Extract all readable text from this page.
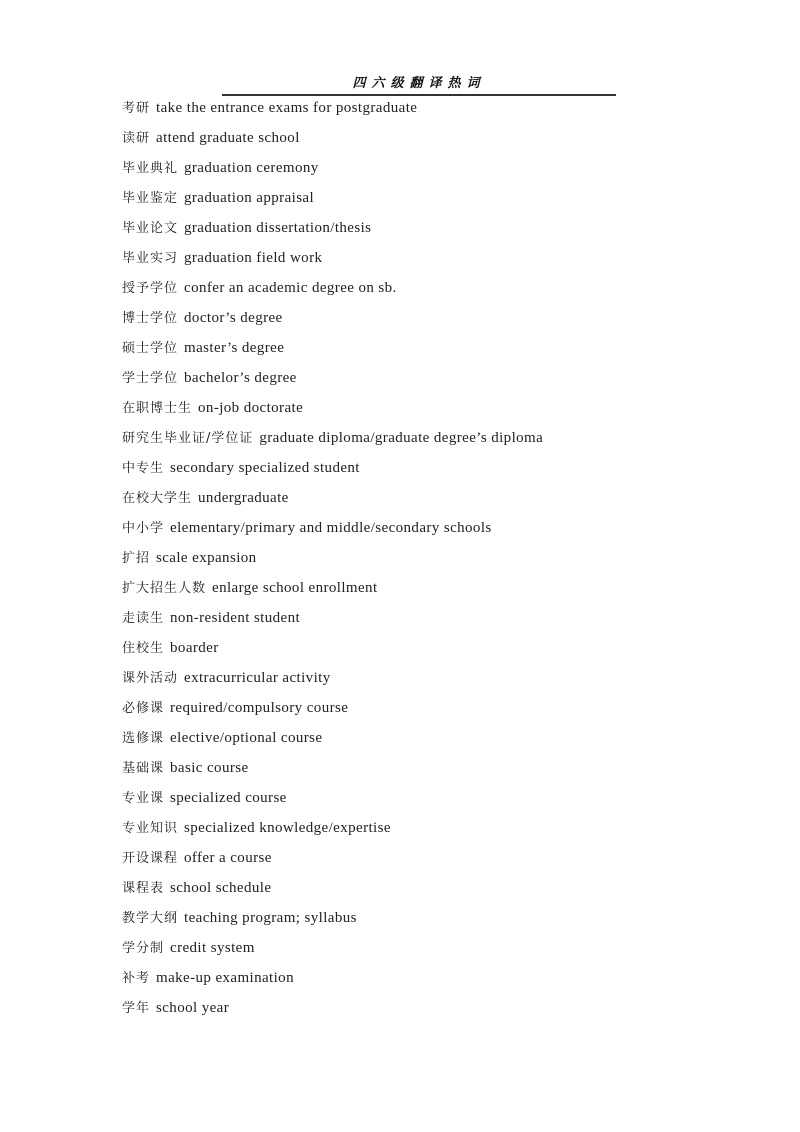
四六级翻译热词
考研 take the entrance exams for postgraduate
读研 attend graduate school
毕业典礼 graduation ceremony
毕业鉴定 graduation appraisal
毕业论文 graduation dissertation/thesis
毕业实习 graduation field work
授予学位 confer an academic degree on sb.
博士学位 doctor’s degree
硕士学位 master’s degree
学士学位 bachelor’s degree
在职博士生 on-job doctorate
研究生毕业证/学位证 graduate diploma/graduate degree’s diploma
中专生 secondary specialized student
在校大学生 undergraduate
中小学 elementary/primary and middle/secondary schools
扩招 scale expansion
扩大招生人数 enlarge school enrollment
走读生 non-resident student
住校生 boarder
课外活动 extracurricular activity
必修课 required/compulsory course
选修课 elective/optional course
基础课 basic course
专业课 specialized course
专业知识 specialized knowledge/expertise
开设课程 offer a course
课程表 school schedule
教学大纲 teaching program; syllabus
学分制 credit system
补考 make-up examination
学年 school year
